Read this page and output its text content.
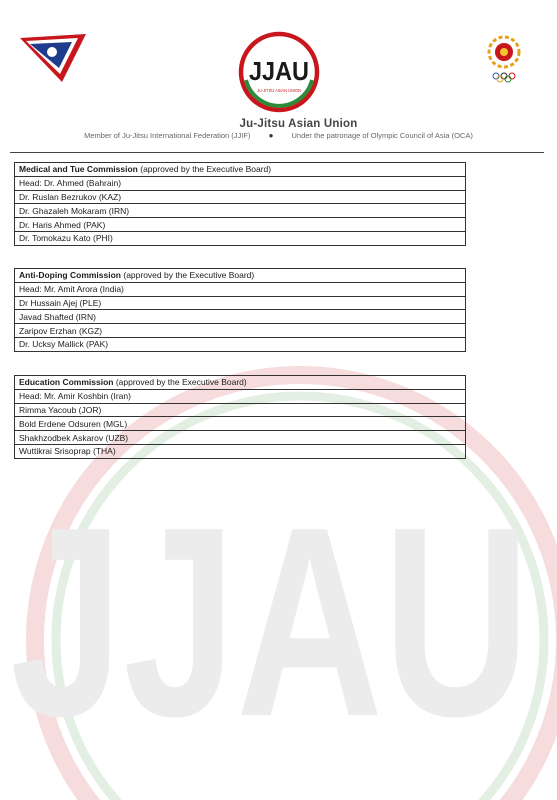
JJAU
JJAU
JU-JITSU ASIAN UNION
Ju-Jitsu Asian Union
Member of Ju-Jitsu International Federation (JJIF) ● Under the patronage of Olympic Council of Asia (OCA)
Medical and Tue Commission (approved by the Executive Board)
Head: Dr. Ahmed (Bahrain)
Dr. Ruslan Bezrukov (KAZ)
Dr. Ghazaleh Mokaram (IRN)
Dr. Haris Ahmed (PAK)
Dr. Tomokazu Kato (PHI)
Anti-Doping Commission (approved by the Executive Board)
Head: Mr. Amit Arora (India)
Dr Hussain Ajej (PLE)
Javad Shafted (IRN)
Zaripov Erzhan (KGZ)
Dr. Ucksy Mallick (PAK)
Education Commission (approved by the Executive Board)
Head: Mr. Amir Koshbin (Iran)
Rimma Yacoub (JOR)
Bold Erdene Odsuren (MGL)
Shakhzodbek Askarov (UZB)
Wuttikrai Srisoprap (THA)
